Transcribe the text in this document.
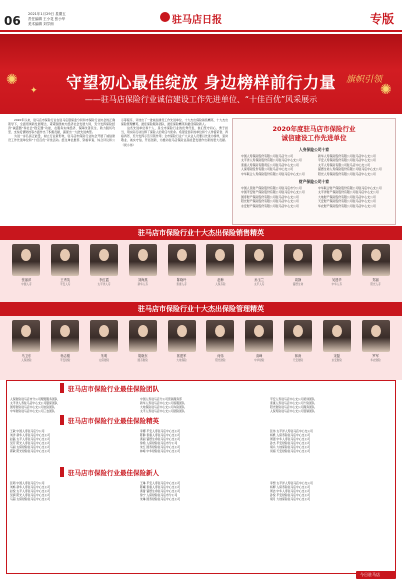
06 2021年1月29日 星期五
责任编辑 王小花 张小华
美术编辑 刘学朗	驻马店日报	专版
✺
✺
✦
旗帜引领
守望初心最佳绽放 身边榜样前行力量
——驻马店保险行业诚信建设工作先进单位、“十佳百优”风采展示

2020年以来，驻马店市保险行业在驻马店银保监分局和市保险行业协会的正确领导下，全面贯彻新发展理念，紧紧围绕地方经济社会发展大局，充分发挥保险经济“减震器”和社会“稳定器”功能，在服务实体经济、保障改善民生、助力脱贫攻坚、支持疫情防控等方面作出了积极贡献，涌现出一大批先进典型。

为进一步弘扬正能量，树立行业新形象，驻马店市保险行业协会开展了诚信建设工作先进单位和“十佳百优”评选活动。经过单位推荐、资格审查、综合评议和公示等程序，评选出了一批诚信建设工作先进单位、十大杰出保险销售精英、十大杰出保险管理精英、最佳保险服务团队、最佳保险精英和最佳保险新人。

这些先进单位和个人，是全市保险行业的优秀代表，他们坚守初心、勇于担当，用实际行动诠释了保险人的责任与使命。希望受表彰的单位和个人珍惜荣誉、再接再厉，充分发挥示范引领作用；全市保险行业广大从业人员要以先进为榜样，爱岗敬业、诚实守信、开拓创新，为推动驻马店保险业高质量发展作出新的更大贡献。（侯小伟）

2020年度驻马店市保险行业
诚信建设工作先进单位
人身保险公司十家
中国人寿保险股份有限公司驻马店分公司	新华人寿保险股份有限公司驻马店中心支公司
太平洋人寿保险股份有限公司驻马店中心支公司	平安人寿保险股份有限公司驻马店中心支公司
泰康人寿保险有限责任公司驻马店中心支公司	太平人寿保险有限公司驻马店中心支公司
人保寿险股份有限公司驻马店中心支公司	富德生命人寿保险股份有限公司驻马店中心支公司
中华联合人寿保险股份有限公司驻马店中心支公司	阳光人寿保险股份有限公司驻马店中心支公司
财产保险公司十家
中国人民财产保险股份有限公司驻马店市分公司	中华联合财产保险股份有限公司驻马店中心支公司
中国平安财产保险股份有限公司驻马店中心支公司	太平洋财产保险股份有限公司驻马店中心支公司
国寿财产保险股份有限公司驻马店中心支公司	大地财产保险股份有限公司驻马店中心支公司
阳光财产保险股份有限公司驻马店中心支公司	天安财产保险股份有限公司驻马店中心支公司
永安财产保险股份有限公司驻马店中心支公司	华农财产保险股份有限公司驻马店中心支公司
驻马店市保险行业十大杰出保险销售精英
张丽萍
中国人寿
王秀英
平安人寿
李红霞
太平洋人寿
刘海燕
新华人寿
陈晓玲
泰康人寿
赵梅
人保寿险
孙玉兰
太平人寿
周静
富德生命
吴建华
中华人寿
郑丽
阳光人寿
驻马店市保险行业十大杰出保险管理精英
马卫东
人保财险
杨志刚
平安财险
朱明
太保财险
胡晓东
国寿财险
郭建军
大地保险
何伟
阳光财险
高峰
中华财险
林涛
天安财险
宋磊
永安财险
罗军
华农财险
驻马店市保险行业最佳保险团队
人保财险驻马店市分公司理赔服务团队	中国人寿驻马店分公司营销服务部	平安人寿驻马店中心支公司培训团队
太平洋人寿驻马店中心支公司银保团队	新华人寿驻马店中心支公司客服团队	泰康人寿驻马店中心支公司个险团队
国寿财险驻马店中心支公司农险团队	大地保险驻马店中心支公司车险团队	阳光财险驻马店中心支公司服务团队
中华财险驻马店中心支公司三农团队	太平人寿驻马店中心支公司团险团队	人保寿险驻马店中心支公司营销团队
驻马店市保险行业最佳保险精英
王敏 中国人寿驻马店分公司	李娜 平安人寿驻马店中心支公司	张伟 太平洋人寿驻马店中心支公司
刘洋 新华人寿驻马店中心支公司	陈静 泰康人寿驻马店中心支公司	杨帆 人保寿险驻马店中心支公司
赵磊 太平人寿驻马店中心支公司	黄丽 富德生命驻马店中心支公司	周强 中华人寿驻马店中心支公司
吴芳 阳光人寿驻马店中心支公司	徐艳 人保财险驻马店市分公司	孙杰 平安财险驻马店中心支公司
马丽 太保财险驻马店中心支公司	朱红 国寿财险驻马店中心支公司	胡兵 大地保险驻马店中心支公司
郭敏 阳光财险驻马店中心支公司	林峰 中华财险驻马店中心支公司	何娟 天安财险驻马店中心支公司
驻马店市保险行业最佳保险新人
张萌 中国人寿驻马店分公司	王琳 平安人寿驻马店中心支公司	李想 太平洋人寿驻马店中心支公司
刘畅 新华人寿驻马店中心支公司	陈曦 泰康人寿驻马店中心支公司	杨柳 人保寿险驻马店中心支公司
赵悦 太平人寿驻马店中心支公司	黄蕾 富德生命驻马店中心支公司	周洁 中华人寿驻马店中心支公司
吴倩 阳光人寿驻马店中心支公司	徐宁 人保财险驻马店市分公司	孙悦 平安财险驻马店中心支公司
马超 太保财险驻马店中心支公司	朱琳 国寿财险驻马店中心支公司	胡月 大地保险驻马店中心支公司
今日驻马店
